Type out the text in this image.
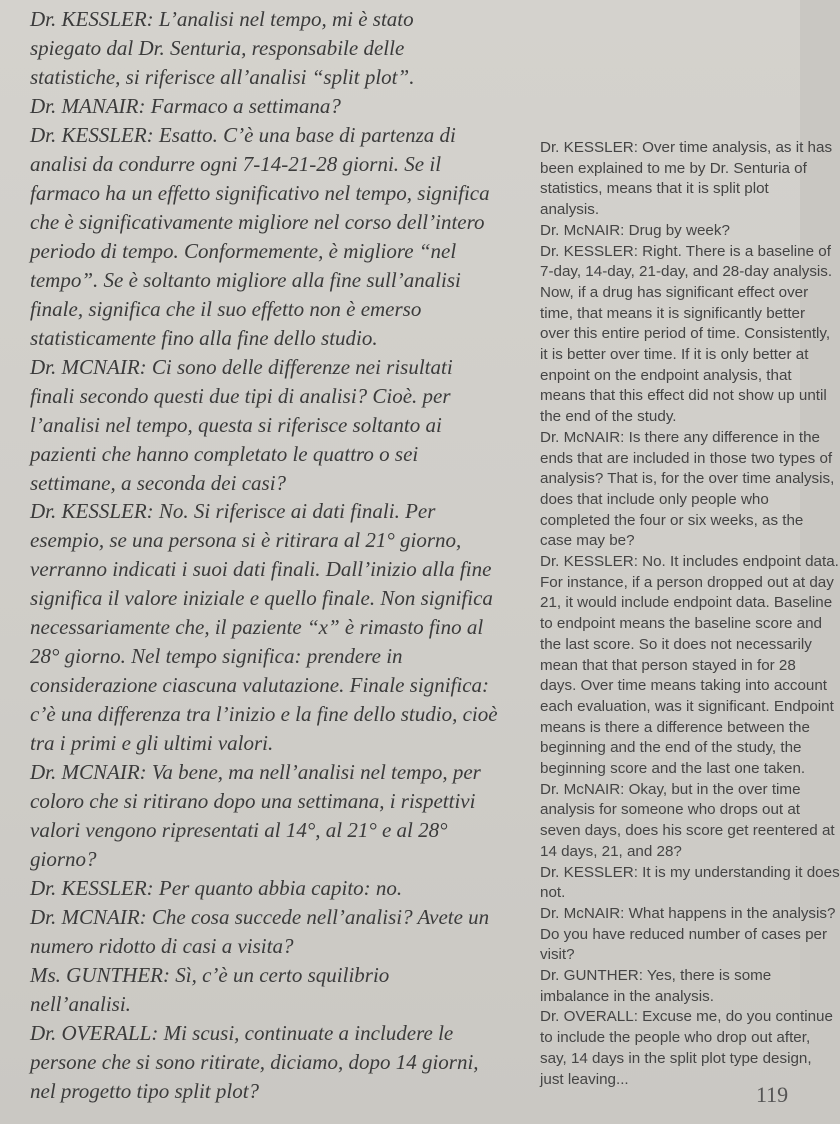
Dr. KESSLER: L’analisi nel tempo, mi è stato
spiegato dal Dr. Senturia, responsabile delle
statistiche, si riferisce all’analisi “split plot”.
Dr. MANAIR: Farmaco a settimana?
Dr. KESSLER: Esatto. C’è una base di partenza di
analisi da condurre ogni 7-14-21-28 giorni. Se il
farmaco ha un effetto significativo nel tempo, significa
che è significativamente migliore nel corso dell’intero
periodo di tempo. Conformemente, è migliore “nel
tempo”. Se è soltanto migliore alla fine sull’analisi
finale, significa che il suo effetto non è emerso
statisticamente fino alla fine dello studio.
Dr. MCNAIR: Ci sono delle differenze nei risultati
finali secondo questi due tipi di analisi? Cioè. per
l’analisi nel tempo, questa si riferisce soltanto ai
pazienti che hanno completato le quattro o sei
settimane, a seconda dei casi?
Dr. KESSLER: No. Si riferisce ai dati finali. Per
esempio, se una persona si è ritirara al 21° giorno,
verranno indicati i suoi dati finali. Dall’inizio alla fine
significa il valore iniziale e quello finale. Non significa
necessariamente che, il paziente “x” è rimasto fino al
28° giorno. Nel tempo significa: prendere in
considerazione ciascuna valutazione. Finale significa:
c’è una differenza tra l’inizio e la fine dello studio, cioè
tra i primi e gli ultimi valori.
Dr. MCNAIR: Va bene, ma nell’analisi nel tempo, per
coloro che si ritirano dopo una settimana, i rispettivi
valori vengono ripresentati al 14°, al 21° e al 28°
giorno?
Dr. KESSLER: Per quanto abbia capito: no.
Dr. MCNAIR: Che cosa succede nell’analisi? Avete un
numero ridotto di casi a visita?
Ms. GUNTHER: Sì, c’è un certo squilibrio
nell’analisi.
Dr. OVERALL: Mi scusi, continuate a includere le
persone che si sono ritirate, diciamo, dopo 14 giorni,
nel progetto tipo split plot?
Dr. KESSLER: Over time analysis, as it has
been explained to me by Dr. Senturia of
statistics, means that it is split plot
analysis.
Dr. McNAIR: Drug by week?
Dr. KESSLER: Right. There is a baseline of
7-day, 14-day, 21-day, and 28-day analysis.
Now, if a drug has significant effect over
time, that means it is significantly better
over this entire period of time. Consistently,
it is better over time. If it is only better at
enpoint on the endpoint analysis, that
means that this effect did not show up until
the end of the study.
Dr. McNAIR: Is there any difference in the
ends that are included in those two types of
analysis? That is, for the over time analysis,
does that include only people who
completed the four or six weeks, as the
case may be?
Dr. KESSLER: No. It includes endpoint data.
For instance, if a person dropped out at day
21, it would include endpoint data. Baseline
to endpoint means the baseline score and
the last score. So it does not necessarily
mean that that person stayed in for 28
days. Over time means taking into account
each evaluation, was it significant. Endpoint
means is there a difference between the
beginning and the end of the study, the
beginning score and the last one taken.
Dr. McNAIR: Okay, but in the over time
analysis for someone who drops out at
seven days, does his score get reentered at
14 days, 21, and 28?
Dr. KESSLER: It is my understanding it does
not.
Dr. McNAIR: What happens in the analysis?
Do you have reduced number of cases per
visit?
Dr. GUNTHER: Yes, there is some
imbalance in the analysis.
Dr. OVERALL: Excuse me, do you continue
to include the people who drop out after,
say, 14 days in the split plot type design,
just leaving...
119
